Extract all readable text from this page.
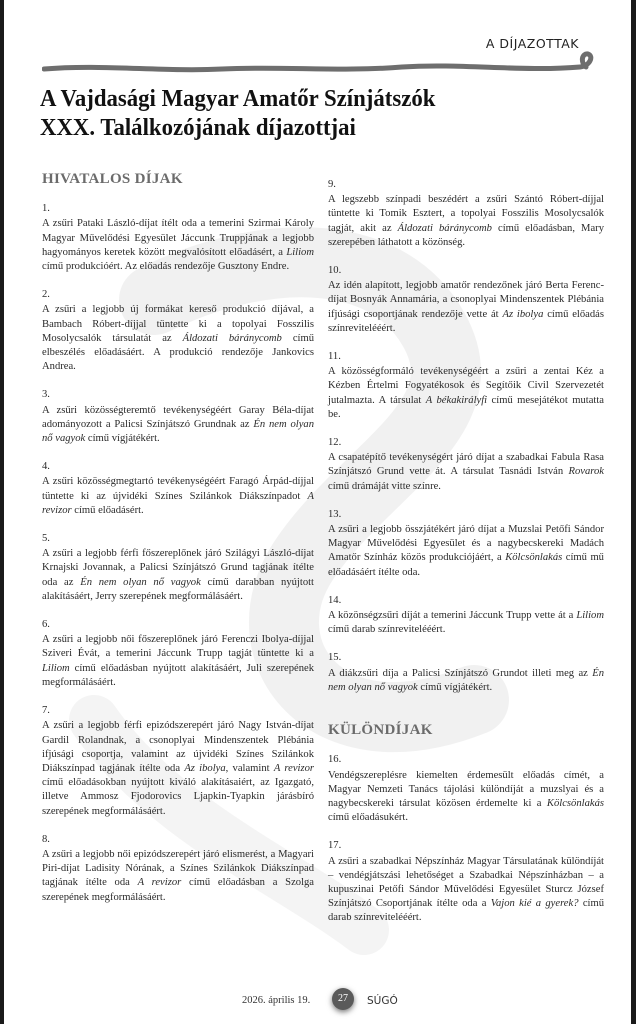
A DÍJAZOTTAK
A Vajdasági Magyar Amatőr Színjátszók
XXX. Találkozójának díjazottjai
HIVATALOS DÍJAK
1.
A zsűri Pataki László-díjat ítélt oda a temerini Szirmai Károly Magyar Művelődési Egyesület Jáccunk Truppjának a legjobb hagyományos keretek között megvalósított előadásért, a Liliom című produkcióért. Az előadás rendezője Gusztony Endre.
2.
A zsűri a legjobb új formákat kereső produkció díjával, a Bambach Róbert-díjjal tüntette ki a topolyai Fosszilis Mosolycsalók társulatát az Áldozati báránycomb című elbeszélés előadásáért. A produkció rendezője Jankovics Andrea.
3.
A zsűri közösségteremtő tevékenységéért Garay Béla-díjat adományozott a Palicsi Színjátszó Grundnak az Én nem olyan nő vagyok című vígjátékért.
4.
A zsűri közösségmegtartó tevékenységéért Faragó Árpád-díjjal tüntette ki az újvidéki Színes Szilánkok Diákszínpadot A revizor című előadásért.
5.
A zsűri a legjobb férfi főszereplőnek járó Szilágyi László-díjat Krnajski Jovannak, a Palicsi Színjátszó Grund tagjának ítélte oda az Én nem olyan nő vagyok című darabban nyújtott alakításáért, Jerry szerepének megformálásáért.
6.
A zsűri a legjobb női főszereplőnek járó Ferenczi Ibolya-díjjal Sziveri Évát, a temerini Jáccunk Trupp tagját tüntette ki a Liliom című előadásban nyújtott alakításáért, Juli szerepének megformálásáért.
7.
A zsűri a legjobb férfi epizódszerepért járó Nagy István-díjat Gardil Rolandnak, a csonoplyai Mindenszentek Plébánia ifjúsági csoportja, valamint az újvidéki Színes Szilánkok Diákszínpad tagjának ítélte oda Az ibolya, valamint A revizor című előadásokban nyújtott kiváló alakításaiért, az Igazgató, illetve Ammosz Fjodorovics Ljapkin-Tyapkin járásbíró szerepének megformálásáért.
8.
A zsűri a legjobb női epizódszerepért járó elismerést, a Magyari Piri-díjat Ladisity Nórának, a Színes Szilánkok Diákszínpad tagjának ítélte oda A revizor című előadásban a Szolga szerepének megformálásáért.
9.
A legszebb színpadi beszédért a zsűri Szántó Róbert-díjjal tüntette ki Tomik Esztert, a topolyai Fosszilis Mosolycsalók tagját, akit az Áldozati báránycomb című előadásban, Mary szerepében láthatott a közönség.
10.
Az idén alapított, legjobb amatőr rendezőnek járó Berta Ferenc-díjat Bosnyák Annamária, a csonoplyai Mindenszentek Plébánia ifjúsági csoportjának rendezője vette át Az ibolya című előadás színrevitelééért.
11.
A közösségformáló tevékenységéért a zsűri a zentai Kéz a Kézben Értelmi Fogyatékosok és Segítőik Civil Szervezetét jutalmazta. A társulat A békakirályfi című mesejátékot mutatta be.
12.
A csapatépítő tevékenységért járó díjat a szabadkai Fabula Rasa Színjátszó Grund vette át. A társulat Tasnádi István Rovarok című drámáját vitte színre.
13.
A zsűri a legjobb összjátékért járó díjat a Muzslai Petőfi Sándor Magyar Művelődési Egyesület és a nagybecskereki Madách Amatőr Színház közös produkciójáért, a Kölcsönlakás című mű előadásáért ítélte oda.
14.
A közönségzsűri díját a temerini Jáccunk Trupp vette át a Liliom című darab színrevitelééért.
15.
A diákzsűri díja a Palicsi Színjátszó Grundot illeti meg az Én nem olyan nő vagyok című vígjátékért.
KÜLÖNDÍJAK
16.
Vendégszereplésre kiemelten érdemesült előadás címét, a Magyar Nemzeti Tanács tájolási különdíját a muzslyai és a nagybecskereki társulat közösen érdemelte ki a Kölcsönlakás című előadásukért.
17.
A zsűri a szabadkai Népszínház Magyar Társulatának különdíját – vendégjátszási lehetőséget a Szabadkai Népszínházban – a kupuszinai Petőfi Sándor Művelődési Egyesület Sturcz József Színjátszó Csoportjának ítélte oda a Vajon kié a gyerek? című darab színrevitelééért.
2026. április 19.	27	SÚGÓ
